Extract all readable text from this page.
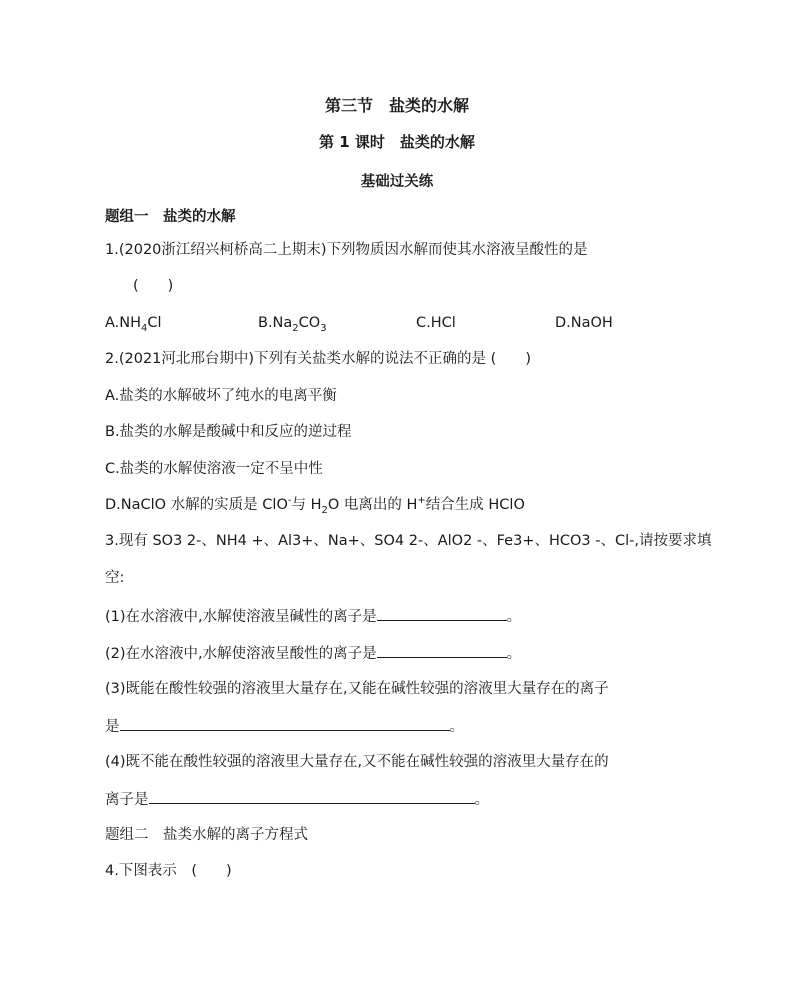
第三节　盐类的水解
第 1 课时　盐类的水解
基础过关练
题组一　盐类的水解
1.(2020浙江绍兴柯桥高二上期末)下列物质因水解而使其水溶液呈酸性的是
(　　)
$A.NH_4Cl$	$B.Na_2CO_3$	C.HCl	D.NaOH
2.(2021河北邢台期中)下列有关盐类水解的说法不正确的是 (　　)
A.盐类的水解破坏了纯水的电离平衡
B.盐类的水解是酸碱中和反应的逆过程
C.盐类的水解使溶液一定不呈中性
D.NaClO 水解的实质是 ClO-与 $H_2O$ 电离出的 H+结合生成 HClO
3.现有 SO3 2-、NH4 +、Al3+、Na+、SO4 2-、AlO2 -、Fe3+、HCO3 -、Cl-,请按要求填
空:
(1)在水溶液中,水解使溶液呈碱性的离子是	。
(2)在水溶液中,水解使溶液呈酸性的离子是	。
(3)既能在酸性较强的溶液里大量存在,又能在碱性较强的溶液里大量存在的离子
是	。
(4)既不能在酸性较强的溶液里大量存在,又不能在碱性较强的溶液里大量存在的
离子是	。
题组二　盐类水解的离子方程式
4.下图表示　(　　)
